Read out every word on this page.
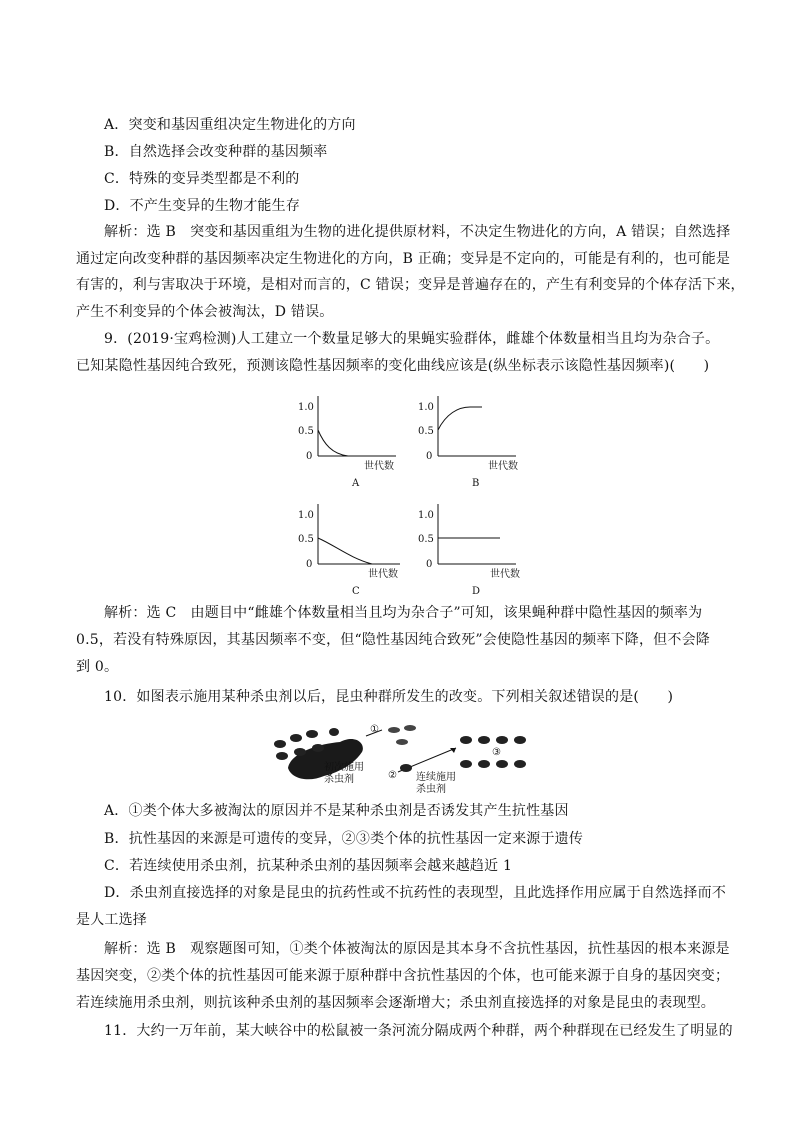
A．突变和基因重组决定生物进化的方向
B．自然选择会改变种群的基因频率
C．特殊的变异类型都是不利的
D．不产生变异的生物才能生存
解析：选 B　突变和基因重组为生物的进化提供原材料，不决定生物进化的方向，A 错误；自然选择
通过定向改变种群的基因频率决定生物进化的方向，B 正确；变异是不定向的，可能是有利的，也可能是
有害的，利与害取决于环境，是相对而言的，C 错误；变异是普遍存在的，产生有利变异的个体存活下来，
产生不利变异的个体会被淘汰，D 错误。
9．(2019·宝鸡检测)人工建立一个数量足够大的果蝇实验群体，雌雄个体数量相当且均为杂合子。
已知某隐性基因纯合致死，预测该隐性基因频率的变化曲线应该是(纵坐标表示该隐性基因频率)(　　)
1.0
0.5
0
世代数
A
1.0
0.5
0
世代数
B
1.0
0.5
0
世代数
C
1.0
0.5
0
世代数
D
解析：选 C　由题目中“雌雄个体数量相当且均为杂合子”可知，该果蝇种群中隐性基因的频率为
0.5，若没有特殊原因，其基因频率不变，但“隐性基因纯合致死”会使隐性基因的频率下降，但不会降
到 0。
10．如图表示施用某种杀虫剂以后，昆虫种群所发生的改变。下列相关叙述错误的是(　　)
①
②
③
初次施用
杀虫剂	连续施用
杀虫剂
A．①类个体大多被淘汰的原因并不是某种杀虫剂是否诱发其产生抗性基因
B．抗性基因的来源是可遗传的变异，②③类个体的抗性基因一定来源于遗传
C．若连续使用杀虫剂，抗某种杀虫剂的基因频率会越来越趋近 1
D．杀虫剂直接选择的对象是昆虫的抗药性或不抗药性的表现型，且此选择作用应属于自然选择而不
是人工选择
解析：选 B　观察题图可知，①类个体被淘汰的原因是其本身不含抗性基因，抗性基因的根本来源是
基因突变，②类个体的抗性基因可能来源于原种群中含抗性基因的个体，也可能来源于自身的基因突变；
若连续施用杀虫剂，则抗该种杀虫剂的基因频率会逐渐增大；杀虫剂直接选择的对象是昆虫的表现型。
11．大约一万年前，某大峡谷中的松鼠被一条河流分隔成两个种群，两个种群现在已经发生了明显的
